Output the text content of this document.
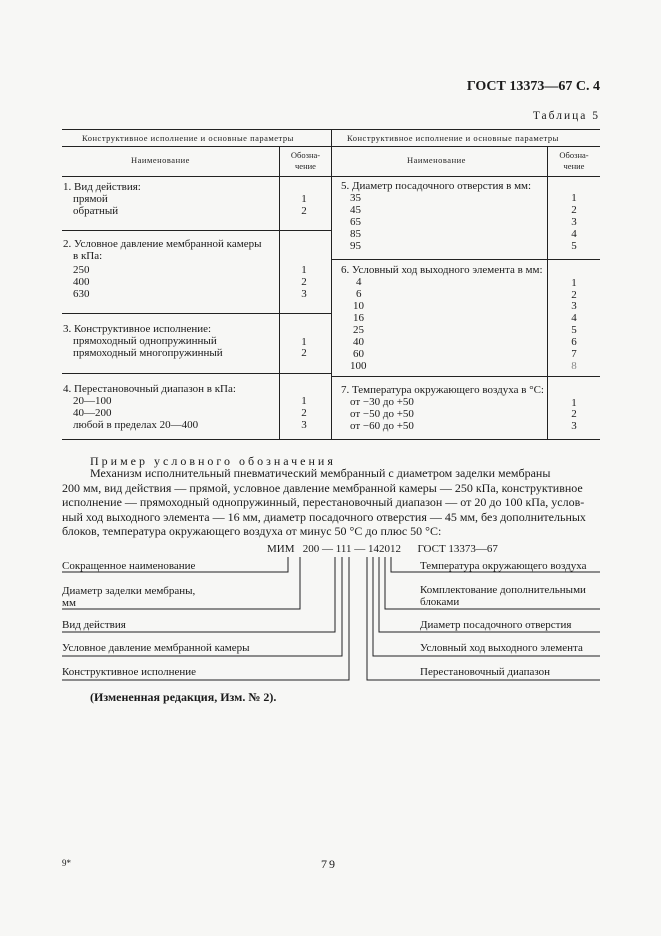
ГОСТ 13373—67 С. 4
Таблица 5
Конструктивное исполнение и основные параметры	Конструктивное исполнение и основные параметры
Наименование	Наименование
Обозна-
чение
Обозна-
чение
1. Вид действия:
прямой	1
обратный	2
2. Условное давление мембранной камеры
в кПа:
250	1
400	2
630	3
3. Конструктивное исполнение:
прямоходный однопружинный	1
прямоходный многопружинный	2
4. Перестановочный диапазон в кПа:
20—100	1
40—200	2
любой в пределах 20—400	3
5. Диаметр посадочного отверстия в мм:
35	1
45	2
65	3
85	4
95	5
6. Условный ход выходного элемента в мм:
4	1
6	2
10	3
16	4
25	5
40	6
60	7
100	8
7. Температура окружающего воздуха в °С:
от −30 до +50	1
от −50 до +50	2
от −60 до +50	3
Пример условного обозначения
Механизм исполнительный пневматический мембранный с диаметром заделки мембраны
200 мм, вид действия — прямой, условное давление мембранной камеры — 250 кПа, конструктивное
исполнение — прямоходный однопружинный, перестановочный диапазон — от 20 до 100 кПа, услов-
ный ход выходного элемента — 16 мм, диаметр посадочного отверстия — 45 мм, без дополнительных
блоков, температура окружающего воздуха от минус 50 °С до плюс 50 °С:
МИМ   200 — 111 — 142012      ГОСТ 13373—67
Сокращенное наименование
Диаметр заделки мембраны,
мм
Вид действия
Условное давление мембранной камеры
Конструктивное исполнение
Температура окружающего воздуха
Комплектование дополнительными
блоками
Диаметр посадочного отверстия
Условный ход выходного элемента
Перестановочный диапазон
(Измененная редакция, Изм. № 2).
9*	79
